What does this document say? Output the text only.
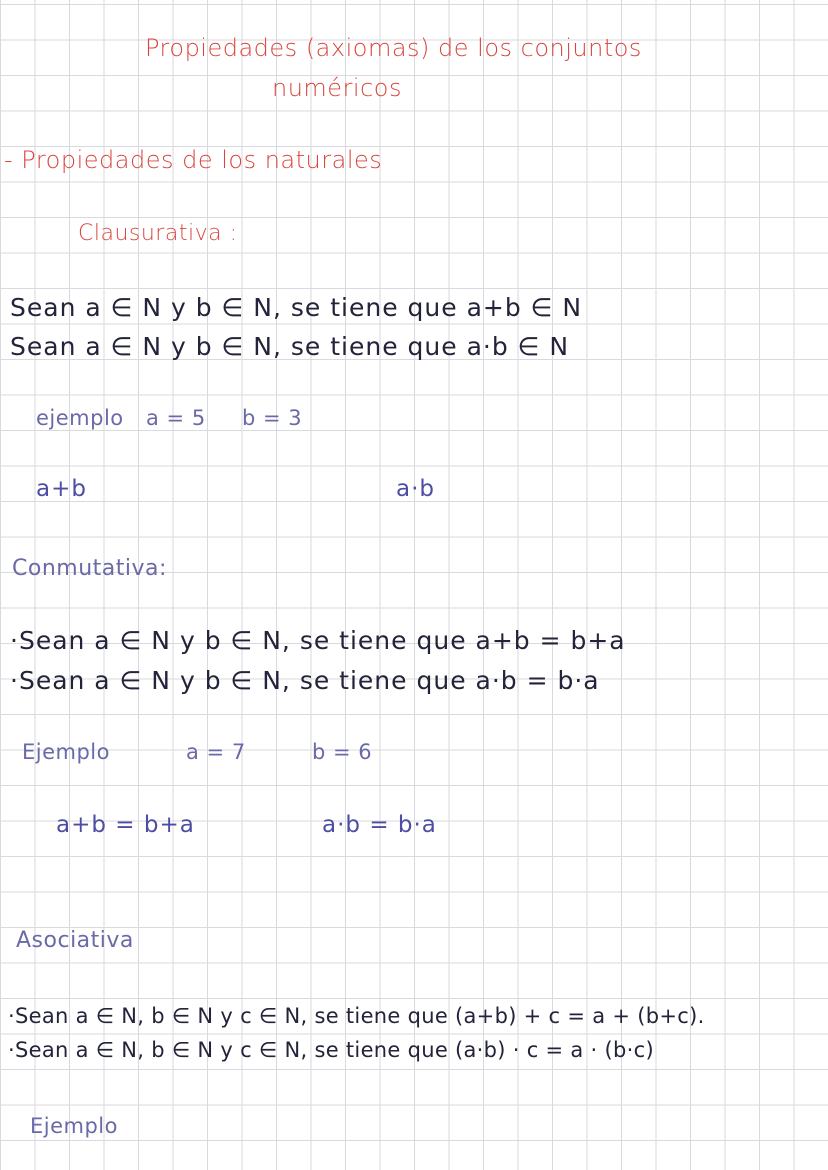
Propiedades (axiomas) de los conjuntos
numéricos
- Propiedades de los naturales
Clausurativa :
Sean a ∈ N y b ∈ N, se tiene que a+b ∈ N
Sean a ∈ N y b ∈ N, se tiene que a·b ∈ N
ejemplo a = 5 b = 3
a+b	a·b
Conmutativa:
·Sean a ∈ N y b ∈ N, se tiene que a+b = b+a
·Sean a ∈ N y b ∈ N, se tiene que a·b = b·a
Ejemplo	a = 7	b = 6
a+b = b+a	a·b = b·a
Asociativa
·Sean a ∈ N, b ∈ N y c ∈ N, se tiene que (a+b) + c = a + (b+c).
·Sean a ∈ N, b ∈ N y c ∈ N, se tiene que (a·b) · c = a · (b·c)
Ejemplo
